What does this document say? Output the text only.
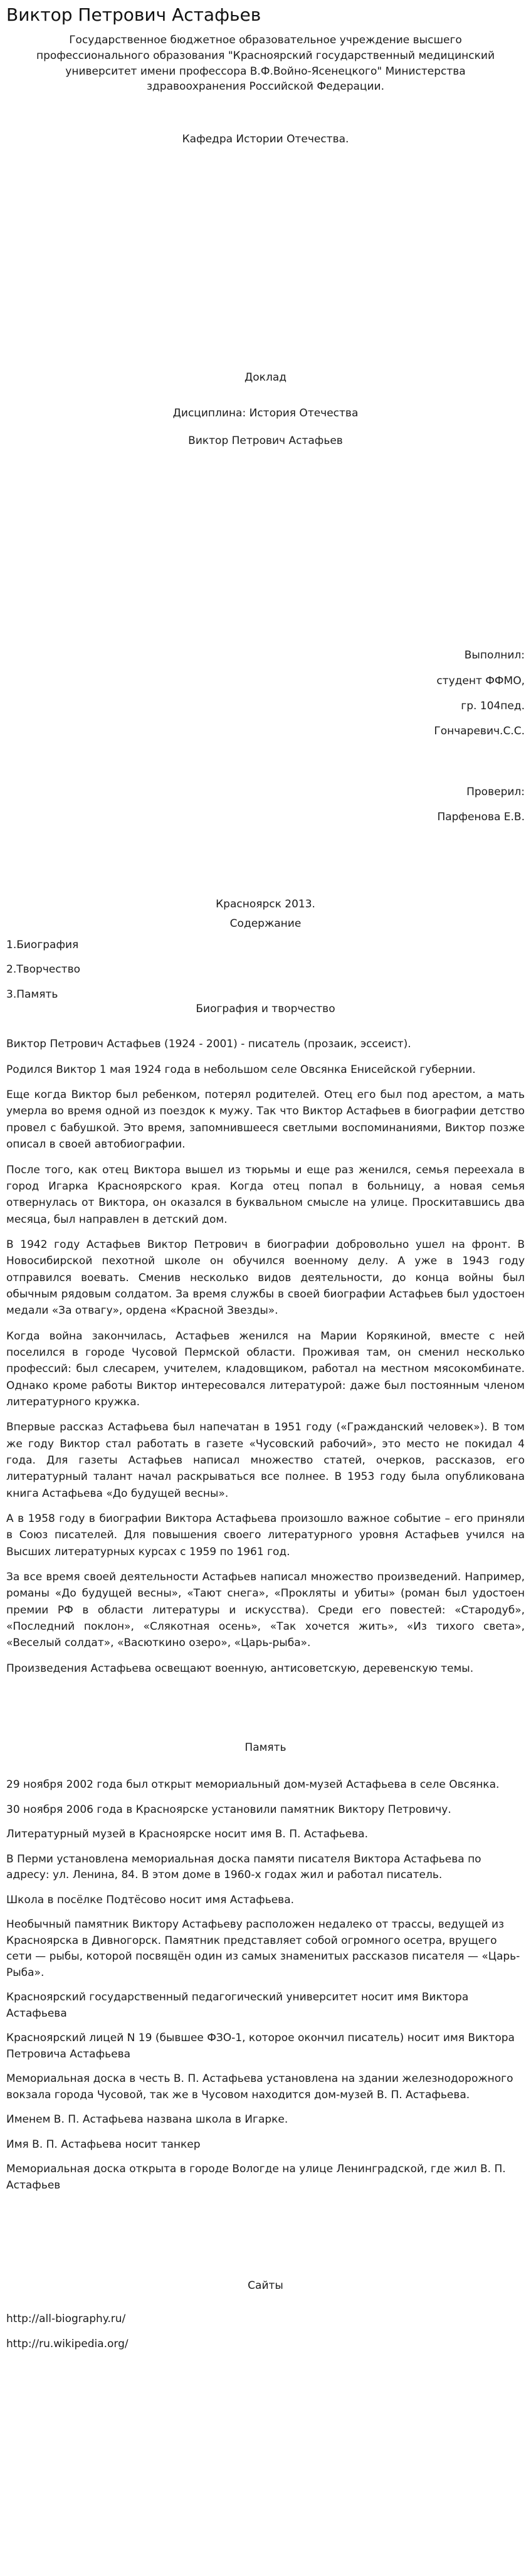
Виктор Петрович Астафьев

Государственное бюджетное образовательное учреждение высшего профессионального образования "Красноярский государственный медицинский университет имени профессора В.Ф.Войно-Ясенецкого" Министерства здравоохранения Российской Федерации.

Кафедра Истории Отечества.

Доклад

Дисциплина: История Отечества

Виктор Петрович Астафьев

Выполнил:

студент ФФМО,

гр. 104пед.

Гончаревич.С.С.

Проверил:

Парфенова Е.В.

Красноярск 2013.

Содержание

1.Биография
2.Творчество
3.Память

Биография и творчество

Виктор Петрович Астафьев (1924 - 2001) - писатель (прозаик, эссеист).

Родился Виктор 1 мая 1924 года в небольшом селе Овсянка Енисейской губернии.

Еще когда Виктор был ребенком, потерял родителей. Отец его был под арестом, а мать умерла во время одной из поездок к мужу. Так что Виктор Астафьев в биографии детство провел с бабушкой. Это время, запомнившееся светлыми воспоминаниями, Виктор позже описал в своей автобиографии.

После того, как отец Виктора вышел из тюрьмы и еще раз женился, семья переехала в город Игарка Красноярского края. Когда отец попал в больницу, а новая семья отвернулась от Виктора, он оказался в буквальном смысле на улице. Проскитавшись два месяца, был направлен в детский дом.

В 1942 году Астафьев Виктор Петрович в биографии добровольно ушел на фронт. В Новосибирской пехотной школе он обучился военному делу. А уже в 1943 году отправился воевать. Сменив несколько видов деятельности, до конца войны был обычным рядовым солдатом. За время службы в своей биографии Астафьев был удостоен медали «За отвагу», ордена «Красной Звезды».

Когда война закончилась, Астафьев женился на Марии Корякиной, вместе с ней поселился в городе Чусовой Пермской области. Проживая там, он сменил несколько профессий: был слесарем, учителем, кладовщиком, работал на местном мясокомбинате. Однако кроме работы Виктор интересовался литературой: даже был постоянным членом литературного кружка.

Впервые рассказ Астафьева был напечатан в 1951 году («Гражданский человек»). В том же году Виктор стал работать в газете «Чусовский рабочий», это место не покидал 4 года. Для газеты Астафьев написал множество статей, очерков, рассказов, его литературный талант начал раскрываться все полнее. В 1953 году была опубликована книга Астафьева «До будущей весны».

А в 1958 году в биографии Виктора Астафьева произошло важное событие – его приняли в Союз писателей. Для повышения своего литературного уровня Астафьев учился на Высших литературных курсах с 1959 по 1961 год.

За все время своей деятельности Астафьев написал множество произведений. Например, романы «До будущей весны», «Тают снега», «Прокляты и убиты» (роман был удостоен премии РФ в области литературы и искусства). Среди его повестей: «Стародуб», «Последний поклон», «Слякотная осень», «Так хочется жить», «Из тихого света», «Веселый солдат», «Васюткино озеро», «Царь-рыба».

Произведения Астафьева освещают военную, антисоветскую, деревенскую темы.

Память

29 ноября 2002 года был открыт мемориальный дом-музей Астафьева в селе Овсянка.

30 ноября 2006 года в Красноярске установили памятник Виктору Петровичу.

Литературный музей в Красноярске носит имя В. П. Астафьева.

В Перми установлена мемориальная доска памяти писателя Виктора Астафьева по адресу: ул. Ленина, 84. В этом доме в 1960-х годах жил и работал писатель.

Школа в посёлке Подтёсово носит имя Астафьева.

Необычный памятник Виктору Астафьеву расположен недалеко от трассы, ведущей из Красноярска в Дивногорск. Памятник представляет собой огромного осетра, врущего сети — рыбы, которой посвящён один из самых знаменитых рассказов писателя — «Царь-Рыба».

Красноярский государственный педагогический университет носит имя Виктора Астафьева

Красноярский лицей N 19 (бывшее ФЗО-1, которое окончил писатель) носит имя Виктора Петровича Астафьева

Мемориальная доска в честь В. П. Астафьева установлена на здании железнодорожного вокзала города Чусовой, так же в Чусовом находится дом-музей В. П. Астафьева.

Именем В. П. Астафьева названа школа в Игарке.

Имя В. П. Астафьева носит танкер

Мемориальная доска открыта в городе Вологде на улице Ленинградской, где жил В. П. Астафьев

Сайты

http://all-biography.ru/

http://ru.wikipedia.org/
